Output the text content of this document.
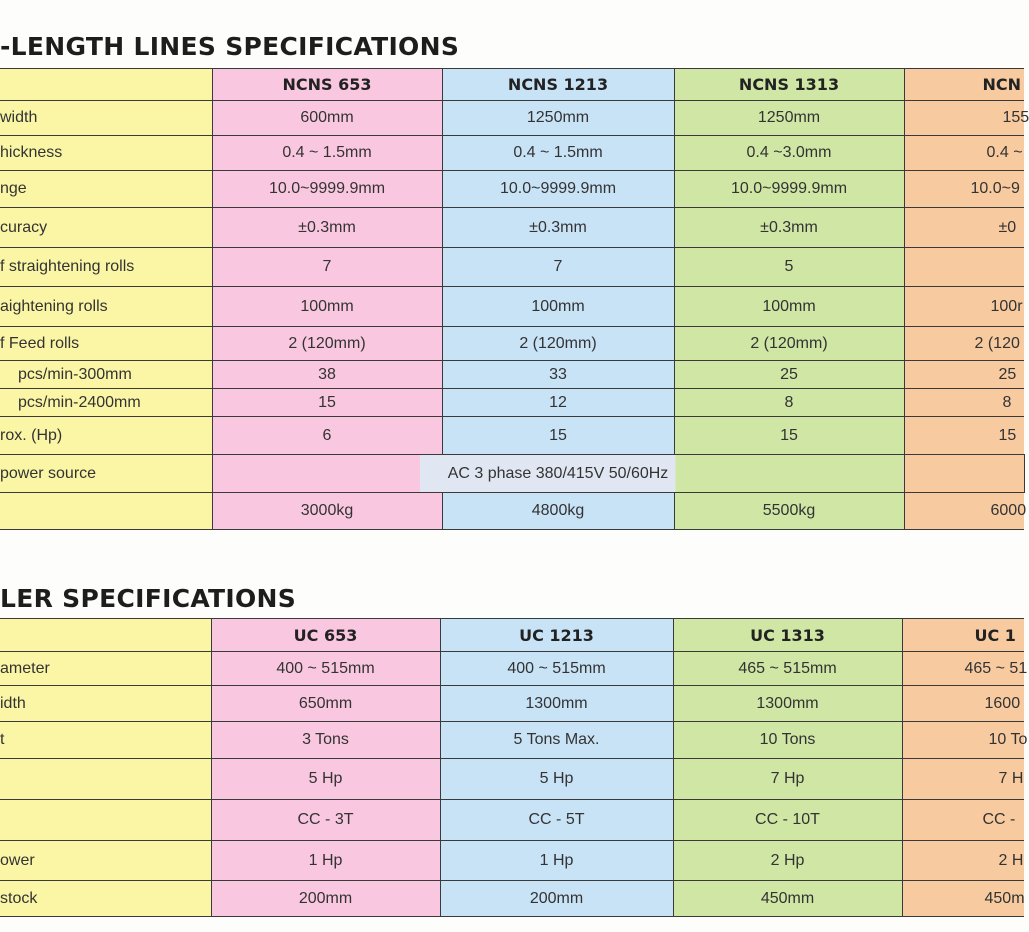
-LENGTH LINES SPECIFICATIONS
	NCNS 653	NCNS 1213	NCNS 1313	NCN

width	600mm	1250mm	1250mm	155

hickness	0.4 ~ 1.5mm	0.4 ~ 1.5mm	0.4 ~3.0mm	0.4 ~

nge	10.0~9999.9mm	10.0~9999.9mm	10.0~9999.9mm	10.0~9

curacy	±0.3mm	±0.3mm	±0.3mm	±0

f straightening rolls	7	7	5	

aightening rolls	100mm	100mm	100mm	100r

f Feed rolls	2 (120mm)	2 (120mm)	2 (120mm)	2 (120

pcs/min-300mm	38	33	25	25

pcs/min-2400mm	15	12	8	8

rox. (Hp)	6	15	15	15

power source	AC 3 phase 380/415V 50/60Hz			
	3000kg	4800kg	5500kg	6000
LER SPECIFICATIONS
	UC 653	UC 1213	UC 1313	UC 1

ameter	400 ~ 515mm	400 ~ 515mm	465 ~ 515mm	465 ~ 51

idth	650mm	1300mm	1300mm	1600

t	3 Tons	5 Tons Max.	10 Tons	10 To

	5 Hp	5 Hp	7 Hp	7 H

	CC - 3T	CC - 5T	CC - 10T	CC -

ower	1 Hp	1 Hp	2 Hp	2 H

stock	200mm	200mm	450mm	450m
